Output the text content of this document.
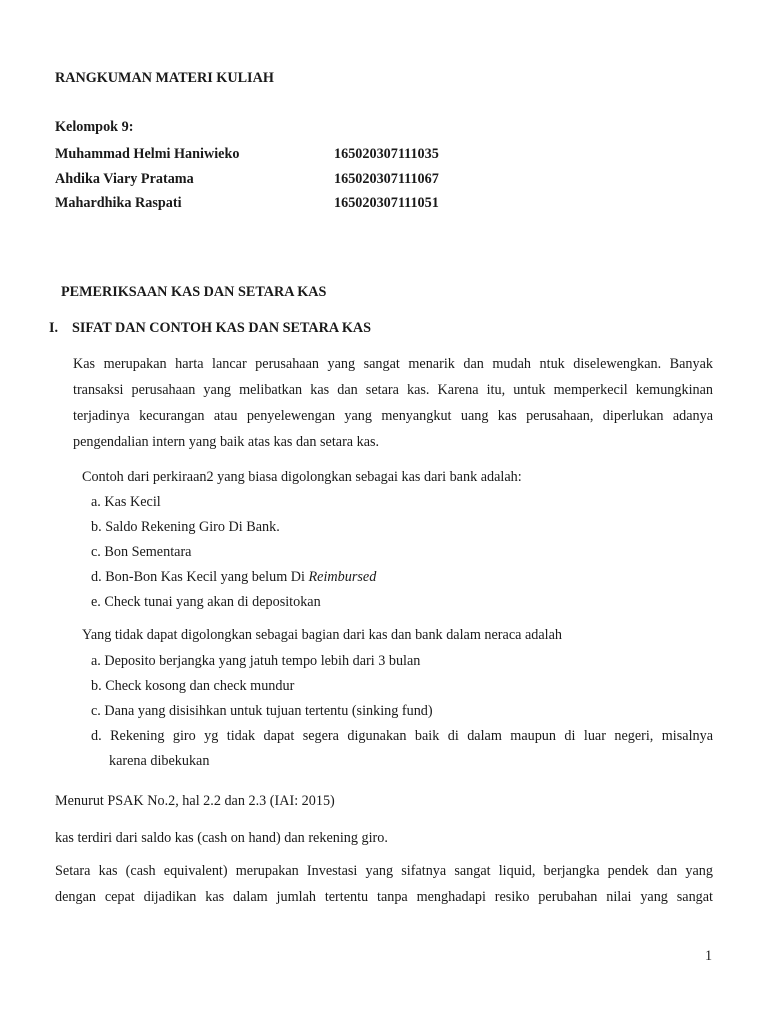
RANGKUMAN MATERI KULIAH
Kelompok 9:
Muhammad Helmi Haniwieko	165020307111035
Ahdika Viary Pratama	165020307111067
Mahardhika Raspati	165020307111051
PEMERIKSAAN KAS DAN SETARA KAS
I. SIFAT DAN CONTOH KAS DAN SETARA KAS
Kas merupakan harta lancar perusahaan yang sangat menarik dan mudah ntuk diselewengkan. Banyak
transaksi perusahaan yang melibatkan kas dan setara kas. Karena itu, untuk memperkecil kemungkinan
terjadinya kecurangan atau penyelewengan yang menyangkut uang kas perusahaan, diperlukan adanya
pengendalian intern yang baik atas kas dan setara kas.
Contoh dari perkiraan2 yang biasa digolongkan sebagai kas dari bank adalah:
a. Kas Kecil
b. Saldo Rekening Giro Di Bank.
c. Bon Sementara
d. Bon-Bon Kas Kecil yang belum Di Reimbursed
e. Check tunai yang akan di depositokan
Yang tidak dapat digolongkan sebagai bagian dari kas dan bank dalam neraca adalah
a. Deposito berjangka yang jatuh tempo lebih dari 3 bulan
b. Check kosong dan check mundur
c. Dana yang disisihkan untuk tujuan tertentu (sinking fund)
d. Rekening giro yg tidak dapat segera digunakan baik di dalam maupun di luar negeri, misalnya
karena dibekukan
Menurut PSAK No.2, hal 2.2 dan 2.3 (IAI: 2015)
kas terdiri dari saldo kas (cash on hand) dan rekening giro.
Setara kas (cash equivalent) merupakan Investasi yang sifatnya sangat liquid, berjangka pendek dan yang
dengan cepat dijadikan kas dalam jumlah tertentu tanpa menghadapi resiko perubahan nilai yang sangat
1
